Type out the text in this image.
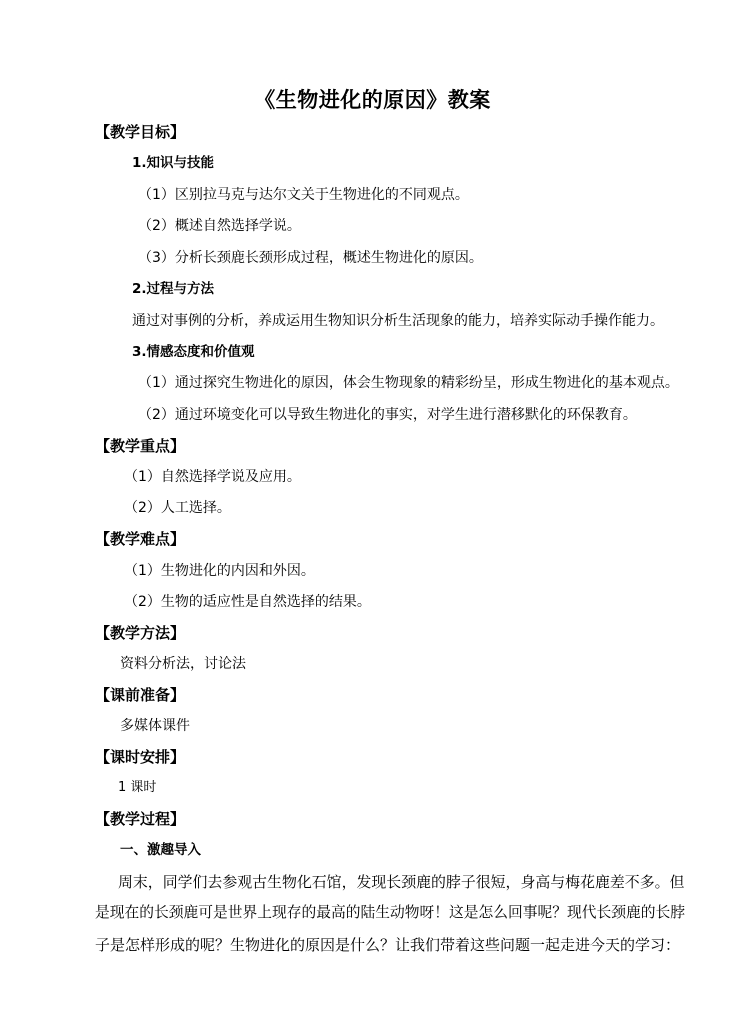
《生物进化的原因》教案
【教学目标】
1.知识与技能
（1）区别拉马克与达尔文关于生物进化的不同观点。
（2）概述自然选择学说。
（3）分析长颈鹿长颈形成过程，概述生物进化的原因。
2.过程与方法
通过对事例的分析，养成运用生物知识分析生活现象的能力，培养实际动手操作能力。
3.情感态度和价值观
（1）通过探究生物进化的原因，体会生物现象的精彩纷呈，形成生物进化的基本观点。
（2）通过环境变化可以导致生物进化的事实，对学生进行潜移默化的环保教育。
【教学重点】
（1）自然选择学说及应用。
（2）人工选择。
【教学难点】
（1）生物进化的内因和外因。
（2）生物的适应性是自然选择的结果。
【教学方法】
资料分析法，讨论法
【课前准备】
多媒体课件
【课时安排】
1 课时
【教学过程】
一、激趣导入
周末，同学们去参观古生物化石馆，发现长颈鹿的脖子很短，身高与梅花鹿差不多。但
是现在的长颈鹿可是世界上现存的最高的陆生动物呀！这是怎么回事呢？现代长颈鹿的长脖
子是怎样形成的呢？生物进化的原因是什么？让我们带着这些问题一起走进今天的学习：
